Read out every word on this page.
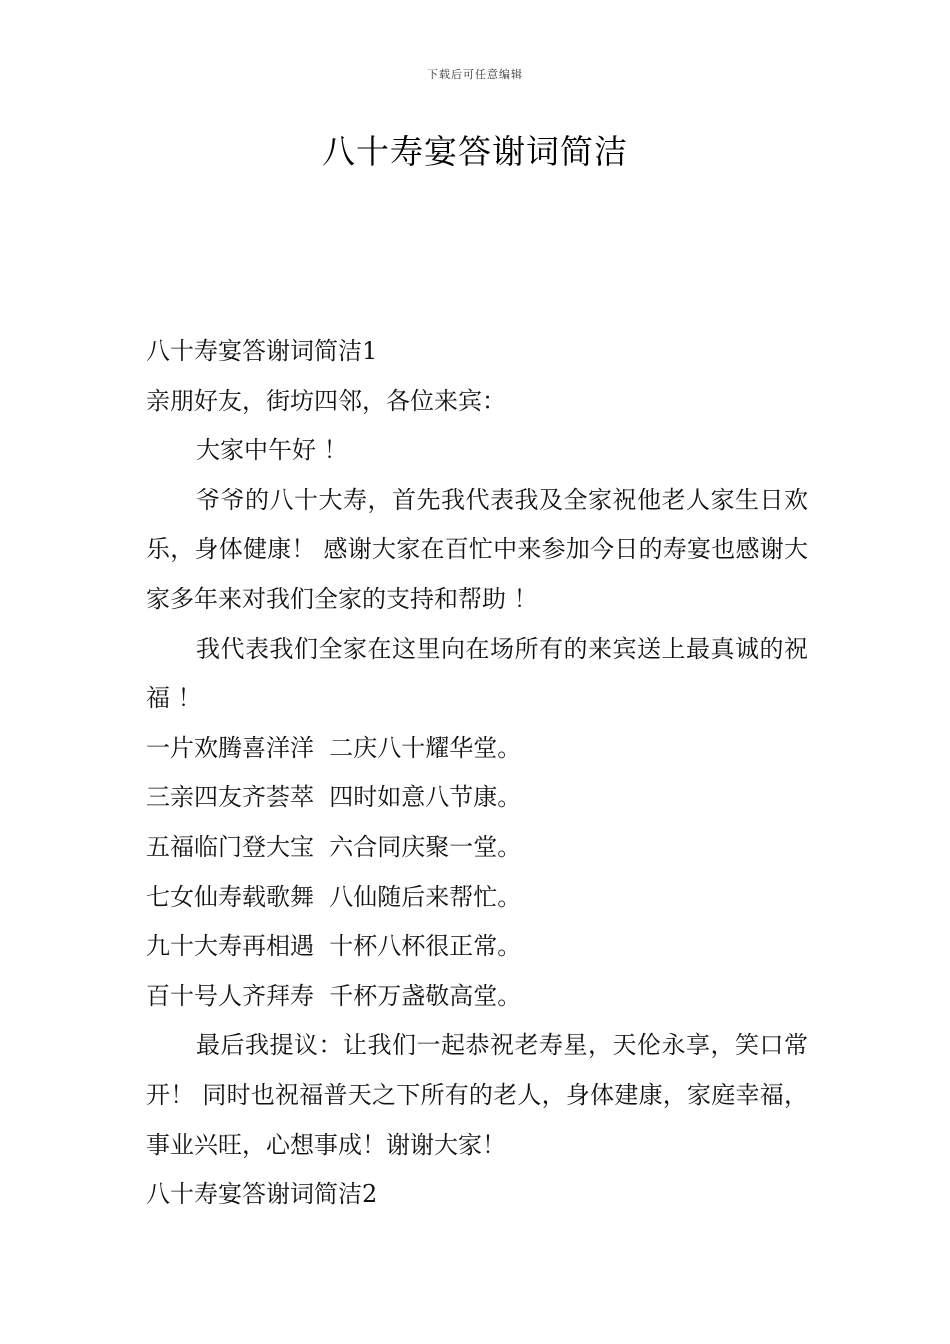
下载后可任意编辑
八十寿宴答谢词简洁

八十寿宴答谢词简洁1

亲朋好友，街坊四邻，各位来宾：

大家中午好 ！

爷爷的八十大寿，首先我代表我及全家祝他老人家生日欢乐，身体健康！ 感谢大家在百忙中来参加今日的寿宴也感谢大家多年来对我们全家的支持和帮助 ！

我代表我们全家在这里向在场所有的来宾送上最真诚的祝福 ！

一片欢腾喜洋洋  二庆八十耀华堂。

三亲四友齐荟萃  四时如意八节康。

五福临门登大宝  六合同庆聚一堂。

七女仙寿载歌舞  八仙随后来帮忙。

九十大寿再相遇  十杯八杯很正常。

百十号人齐拜寿  千杯万盏敬高堂。

最后我提议：让我们一起恭祝老寿星，天伦永享，笑口常开！ 同时也祝福普天之下所有的老人，身体建康，家庭幸福，事业兴旺，心想事成！谢谢大家！

八十寿宴答谢词简洁2
